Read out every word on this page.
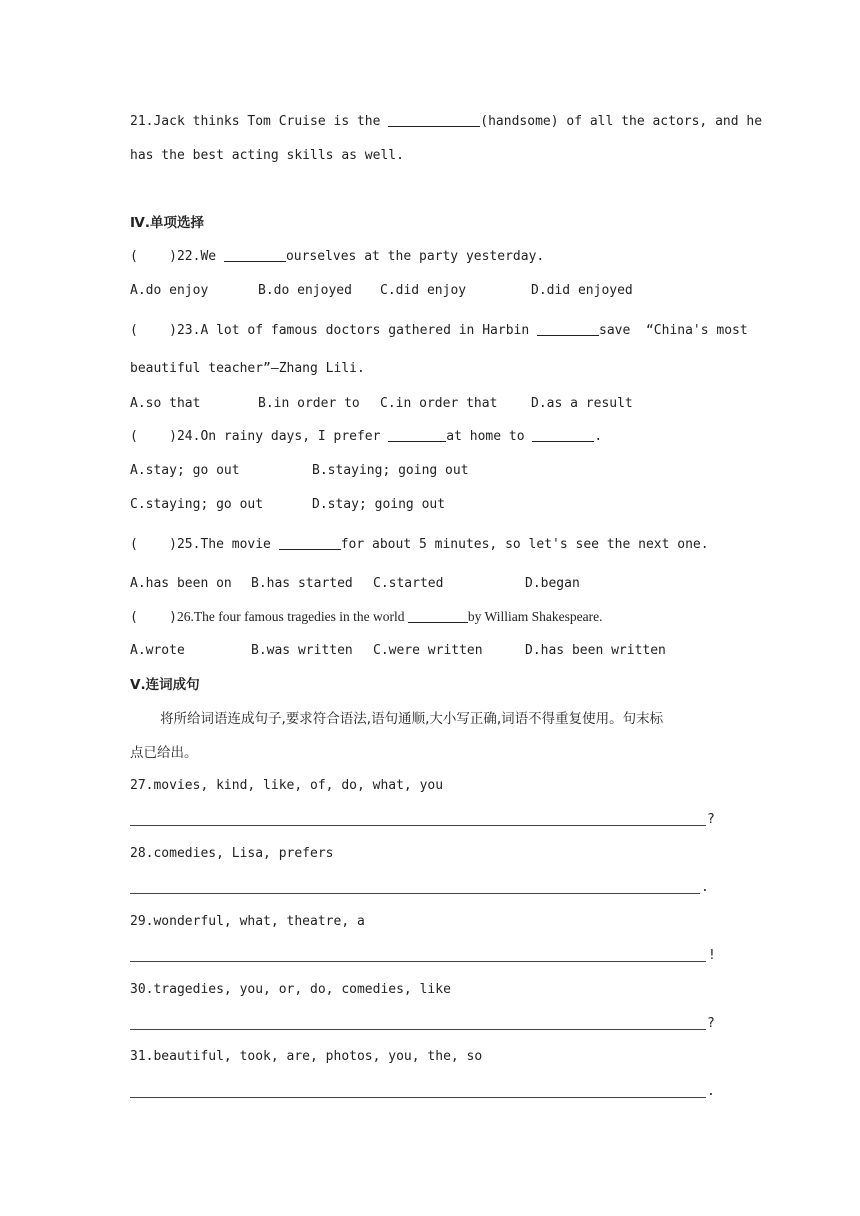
21.Jack thinks Tom Cruise is the	(handsome) of all the actors, and he
has the best acting skills as well.
Ⅳ.单项选择
(    )22.We	ourselves at the party yesterday.
A.do enjoy	B.do enjoyed C.did enjoy	D.did enjoyed
(    )23.A lot of famous doctors gathered in Harbin	save  “China's most
beautiful teacher”—Zhang Lili.
A.so that	B.in order to C.in order that	D.as a result
(    )24.On rainy days, I prefer	at home to	.
A.stay; go out	B.staying; going out
C.staying; go out	D.stay; going out
(    )25.The movie	for about 5 minutes, so let's see the next one.
A.has been on B.has started C.started	D.began
(    )26.The four famous tragedies in the world	by William Shakespeare.
A.wrote	B.was written C.were written	D.has been written
Ⅴ.连词成句
将所给词语连成句子,要求符合语法,语句通顺,大小写正确,词语不得重复使用。句末标
点已给出。
27.movies, kind, like, of, do, what, you
?
28.comedies, Lisa, prefers
.
29.wonderful, what, theatre, a
!
30.tragedies, you, or, do, comedies, like
?
31.beautiful, took, are, photos, you, the, so
.
